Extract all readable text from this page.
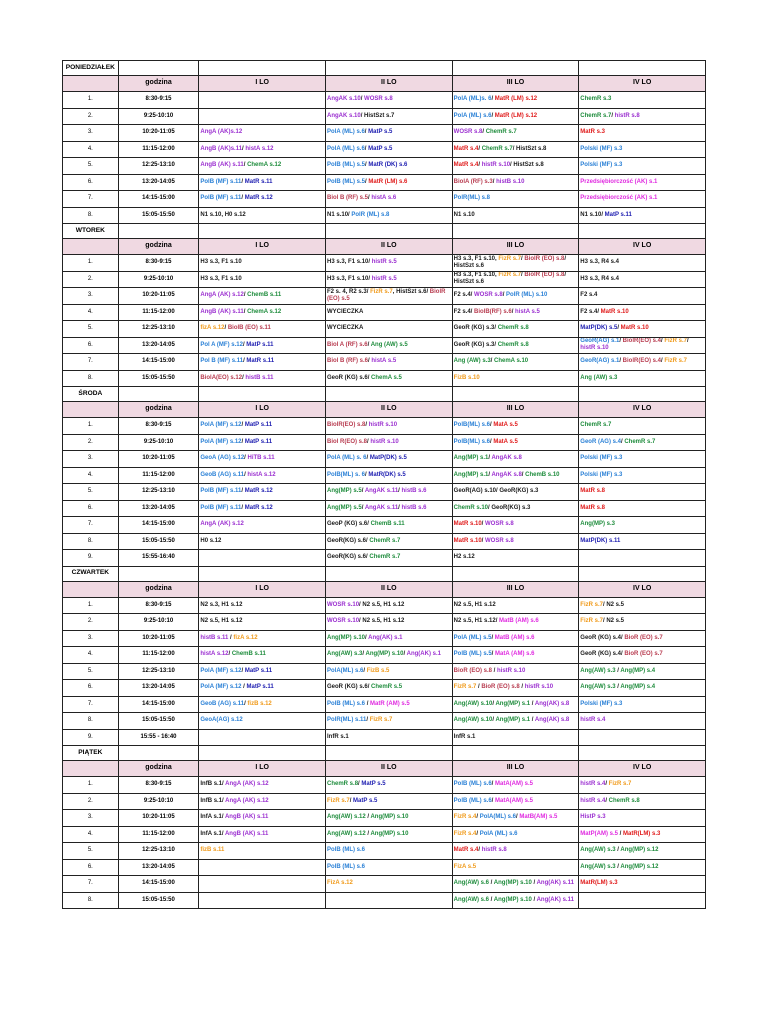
PONIEDZIAŁEK					
	godzina	I LO	II LO	III LO	IV LO
1.	8:30-9:15		AngAK s.10/ WOSR s.8	PolA (ML)s. 6/ MatR (LM) s.12	ChemR s.3
2.	9:25-10:10		AngAK s.10/ HistSzt s.7	PolA (ML) s.6/ MatR (LM) s.12	ChemR s.7/ histR s.8
3.	10:20-11:05	AngA (AK)s.12	PolA (ML) s.6/ MatP s.5	WOSR s.8/ ChemR s.7	MatR s.3
4.	11:15-12:00	AngB (AK)s.11/ histA s.12	PolA (ML) s.6/ MatP s.5	MatR s.4/ ChemR s.7/ HistSzt s.8	Polski (MF) s.3
5.	12:25-13:10	AngB (AK) s.11/ ChemA s.12	PolB (ML) s.5/ MatR (DK) s.6	MatR s.4/ histR s.10/ HistSzt s.8	Polski (MF) s.3
6.	13:20-14:05	PolB (MF) s.11/ MatR s.11	PolB (ML) s.5/ MatR (LM) s.6	BiolA (RF) s.3/ histB s.10	Przedsiębiorczość (AK) s.1
7.	14:15-15:00	PolB (MF) s.11/ MatR s.12	Biol B (RF) s.5/ histA s.6	PolR(ML) s.8	Przedsiębiorczość (AK) s.1
8.	15:05-15:50	N1 s.10, H0 s.12	N1 s.10/ PolR (ML) s.8	N1 s.10	N1 s.10/ MatP s.11
WTOREK					
	godzina	I LO	II LO	III LO	IV LO
1.	8:30-9:15	H3 s.3, F1 s.10	H3 s.3, F1 s.10/ histR s.5	H3 s.3, F1 s.10, FizR s.7/ BiolR (EO) s.8/ HistSzt s.6	H3 s.3, R4 s.4
2.	9:25-10:10	H3 s.3, F1 s.10	H3 s.3, F1 s.10/ histR s.5	H3 s.3, F1 s.10, FizR s.7/ BiolR (EO) s.8/ HistSzt s.6	H3 s.3, R4 s.4
3.	10:20-11:05	AngA (AK) s.12/ ChemB s.11	F2 s. 4, R2 s.3/ FizR s.7, HistSzt s.6/ BiolR (EO) s.5	F2 s.4/ WOSR s.8/ PolR (ML) s.10	F2 s.4
4.	11:15-12:00	AngB (AK) s.11/ ChemA s.12	WYCIECZKA	F2 s.4/ BiolB(RF) s.6/ histA s.5	F2 s.4/ MatR s.10
5.	12:25-13:10	fizA s.12/ BiolB (EO) s.11	WYCIECZKA	GeoR (KG) s.3/ ChemR s.8	MatP(DK) s.5/ MatR s.10
6.	13:20-14:05	Pol A (MF) s.12/ MatP s.11	Biol A (RF) s.6/ Ang (AW) s.5	GeoR (KG) s.3/ ChemR s.8	GeoR(AG) s.1/ BiolR(EO) s.4/ FizR s.7/ histR s.10
7.	14:15-15:00	Pol B (MF) s.11/ MatR s.11	Biol B (RF) s.6/ histA s.5	Ang (AW) s.3/ ChemA s.10	GeoR(AG) s.1/ BiolR(EO) s.4/ FizR s.7
8.	15:05-15:50	BiolA(EO) s.12/ histB s.11	GeoR (KG) s.6/ ChemA s.5	FizB s.10	Ang (AW) s.3
ŚRODA					
	godzina	I LO	II LO	III LO	IV LO
1.	8:30-9:15	PolA (MF) s.12/ MatP s.11	BiolR(EO) s.8/ histR s.10	PolB(ML) s.6/ MatA s.5	ChemR s.7
2.	9:25-10:10	PolA (MF) s.12/ MatP s.11	Biol R(EO) s.8/ histR s.10	PolB(ML) s.6/ MatA s.5	GeoR (AG) s.4/ ChemR s.7
3.	10:20-11:05	GeoA (AG) s.12/ HiTB s.11	PolA (ML) s. 6/ MatP(DK) s.5	Ang(MP) s.1/ AngAK s.8	Polski (MF) s.3
4.	11:15-12:00	GeoB (AG) s.11/ histA s.12	PolB(ML) s. 6/ MatR(DK) s.5	Ang(MP) s.1/ AngAK s.8/ ChemB s.10	Polski (MF) s.3
5.	12:25-13:10	PolB (MF) s.11/ MatR s.12	Ang(MP) s.5/ AngAK s.11/ histB s.6	GeoR(AG) s.10/ GeoR(KG) s.3	MatR s.8
6.	13:20-14:05	PolB (MF) s.11/ MatR s.12	Ang(MP) s.5/ AngAK s.11/ histB s.6	ChemR s.10/ GeoR(KG) s.3	MatR s.8
7.	14:15-15:00	AngA (AK) s.12	GeoP (KG) s.6/ ChemB s.11	MatR s.10/ WOSR s.8	Ang(MP) s.3
8.	15:05-15:50	H0 s.12	GeoR(KG) s.6/ ChemR s.7	MatR s.10/ WOSR s.8	MatP(DK) s.11
9.	15:55-16:40		GeoR(KG) s.6/ ChemR s.7	H2 s.12	
CZWARTEK					
	godzina	I LO	II LO	III LO	IV LO
1.	8:30-9:15	N2 s.3, H1 s.12	WOSR s.10/ N2 s.5, H1 s.12	N2 s.5, H1 s.12	FizR s.7/ N2 s.5
2.	9:25-10:10	N2 s.5, H1 s.12	WOSR s.10/ N2 s.5, H1 s.12	N2 s.5, H1 s.12/ MatB (AM) s.6	FizR s.7/ N2 s.5
3.	10:20-11:05	histB s.11 / fizA s.12	Ang(MP) s.10/ Ang(AK) s.1	PolA (ML) s.5/ MatB (AM) s.6	GeoR (KG) s.4/ BioR (EO) s.7
4.	11:15-12:00	histA s.12/ ChemB s.11	Ang(AW) s.3/ Ang(MP) s.10/ Ang(AK) s.1	PolB (ML) s.5/ MatA (AM) s.6	GeoR (KG) s.4/ BioR (EO) s.7
5.	12:25-13:10	PolA (MF) s.12/ MatP s.11	PolA(ML) s.6/ FizB s.5	BioR (EO) s.8 / histR s.10	Ang(AW) s.3 / Ang(MP) s.4
6.	13:20-14:05	PolA (MF) s.12 / MatP s.11	GeoR (KG) s.6/ ChemR s.5	FizR s.7 / BioR (EO) s.8 / histR s.10	Ang(AW) s.3 / Ang(MP) s.4
7.	14:15-15:00	GeoB (AG) s.11/ fizB s.12	PolB (ML) s.6 / MatR (AM) s.5	Ang(AW) s.10/ Ang(MP) s.1 / Ang(AK) s.8	Polski (MF) s.3
8.	15:05-15:50	GeoA(AG) s.12	PolR(ML) s.11/ FizR s.7	Ang(AW) s.10/ Ang(MP) s.1 / Ang(AK) s.8	histR s.4
9.	15:55 - 16:40		InfR s.1	InfR s.1	
PIĄTEK					
	godzina	I LO	II LO	III LO	IV LO
1.	8:30-9:15	InfB s.1/ AngA (AK) s.12	ChemR s.8/ MatP s.5	PolB (ML) s.6/ MatA(AM) s.5	histR s.4/ FizR s.7
2.	9:25-10:10	InfB s.1/ AngA (AK) s.12	FizR s.7/ MatP s.5	PolB (ML) s.6/ MatA(AM) s.5	histR s.4/ ChemR s.8
3.	10:20-11:05	InfA s.1/ AngB (AK) s.11	Ang(AW) s.12 / Ang(MP) s.10	FizR s.4/ PolA(ML) s.6/ MatB(AM) s.5	HistP s.3
4.	11:15-12:00	InfA s.1/ AngB (AK) s.11	Ang(AW) s.12 / Ang(MP) s.10	FizR s.4/ PolA (ML) s.6	MatP(AM) s.5 / MatR(LM) s.3
5.	12:25-13:10	fizB s.11	PolB (ML) s.6	MatR s.4/ histR s.8	Ang(AW) s.3 / Ang(MP) s.12
6.	13:20-14:05		PolB (ML) s.6	FizA s.5	Ang(AW) s.3 / Ang(MP) s.12
7.	14:15-15:00		FizA s.12	Ang(AW) s.6 / Ang(MP) s.10 / Ang(AK) s.11	MatR(LM) s.3
8.	15:05-15:50			Ang(AW) s.6 / Ang(MP) s.10 / Ang(AK) s.11	
